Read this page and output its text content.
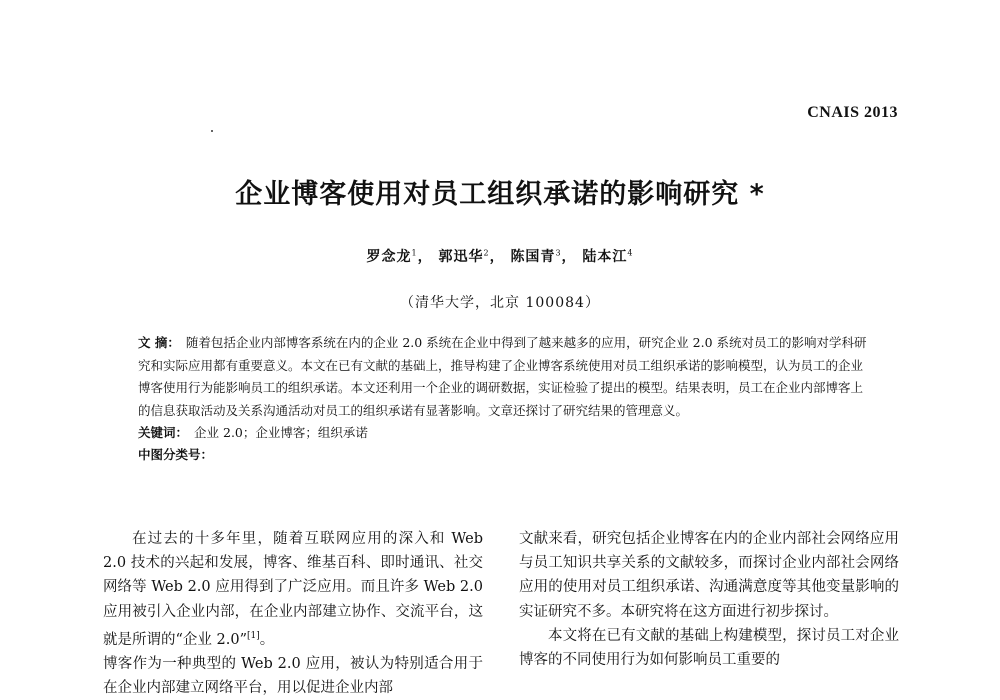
CNAIS 2013
企业博客使用对员工组织承诺的影响研究 *
罗念龙$^1$， 郭迅华$^2$， 陈国青$^3$， 陆本江$^4$
（清华大学，北京 100084）

文 摘： 随着包括企业内部博客系统在内的企业 2.0 系统在企业中得到了越来越多的应用，研究企业 2.0 系统对员工的影响对学科研究和实际应用都有重要意义。本文在已有文献的基础上，推导构建了企业博客系统使用对员工组织承诺的影响模型，认为员工的企业博客使用行为能影响员工的组织承诺。本文还利用一个企业的调研数据，实证检验了提出的模型。结果表明，员工在企业内部博客上的信息获取活动及关系沟通活动对员工的组织承诺有显著影响。文章还探讨了研究结果的管理意义。

关键词： 企业 2.0；企业博客；组织承诺

中图分类号：

在过去的十多年里，随着互联网应用的深入和 Web 2.0 技术的兴起和发展，博客、维基百科、即时通讯、社交网络等 Web 2.0 应用得到了广泛应用。而且许多 Web 2.0 应用被引入企业内部，在企业内部建立协作、交流平台，这就是所谓的“企业 2.0”[1]。

博客作为一种典型的 Web 2.0 应用，被认为特别适合用于在企业内部建立网络平台，用以促进企业内部

文献来看，研究包括企业博客在内的企业内部社会网络应用与员工知识共享关系的文献较多，而探讨企业内部社会网络应用的使用对员工组织承诺、沟通满意度等其他变量影响的实证研究不多。本研究将在这方面进行初步探讨。

本文将在已有文献的基础上构建模型，探讨员工对企业博客的不同使用行为如何影响员工重要的
